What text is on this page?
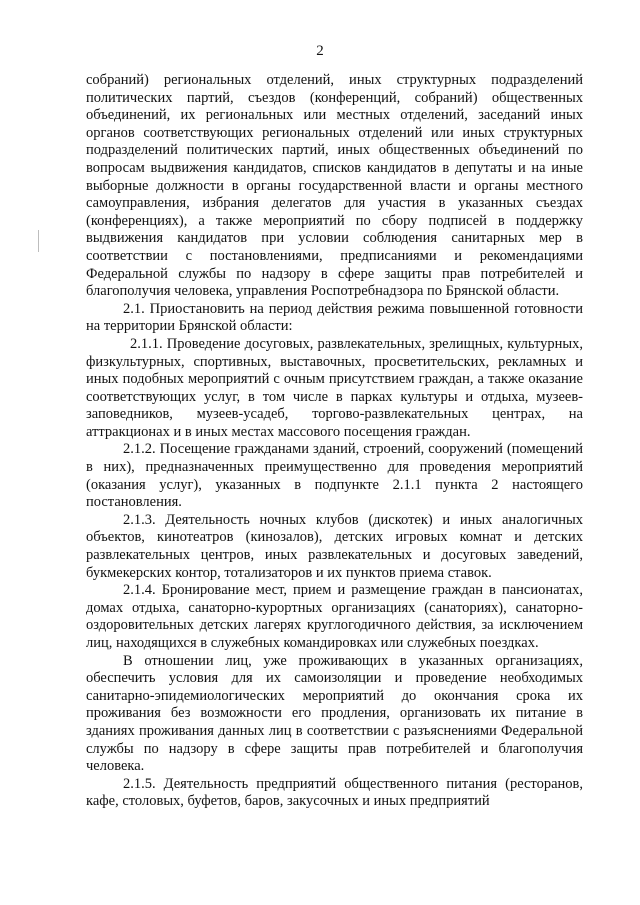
2

собраний) региональных отделений, иных структурных подразделений политических партий, съездов (конференций, собраний) общественных объединений, их региональных или местных отделений, заседаний иных органов соответствующих региональных отделений или иных структурных подразделений политических партий, иных общественных объединений по вопросам выдвижения кандидатов, списков кандидатов в депутаты и на иные выборные должности в органы государственной власти и органы местного самоуправления, избрания делегатов для участия в указанных съездах (конференциях), а также мероприятий по сбору подписей в поддержку выдвижения кандидатов при условии соблюдения санитарных мер в соответствии с постановлениями, предписаниями и рекомендациями Федеральной службы по надзору в сфере защиты прав потребителей и благополучия человека, управления Роспотребнадзора по Брянской области.

2.1. Приостановить на период действия режима повышенной готовности на территории Брянской области:

2.1.1. Проведение досуговых, развлекательных, зрелищных, культурных, физкультурных, спортивных, выставочных, просветительских, рекламных и иных подобных мероприятий с очным присутствием граждан, а также оказание соответствующих услуг, в том числе в парках культуры и отдыха, музеев-заповедников, музеев-усадеб, торгово-развлекательных центрах, на аттракционах и в иных местах массового посещения граждан.

2.1.2. Посещение гражданами зданий, строений, сооружений (помещений в них), предназначенных преимущественно для проведения мероприятий (оказания услуг), указанных в подпункте 2.1.1 пункта 2 настоящего постановления.

2.1.3. Деятельность ночных клубов (дискотек) и иных аналогичных объектов, кинотеатров (кинозалов), детских игровых комнат и детских развлекательных центров, иных развлекательных и досуговых заведений, букмекерских контор, тотализаторов и их пунктов приема ставок.

2.1.4. Бронирование мест, прием и размещение граждан в пансионатах, домах отдыха, санаторно-курортных организациях (санаториях), санаторно-оздоровительных детских лагерях круглогодичного действия, за исключением лиц, находящихся в служебных командировках или служебных поездках.

В отношении лиц, уже проживающих в указанных организациях, обеспечить условия для их самоизоляции и проведение необходимых санитарно-эпидемиологических мероприятий до окончания срока их проживания без возможности его продления, организовать их питание в зданиях проживания данных лиц в соответствии с разъяснениями Федеральной службы по надзору в сфере защиты прав потребителей и благополучия человека.

2.1.5. Деятельность предприятий общественного питания (ресторанов, кафе, столовых, буфетов, баров, закусочных и иных предприятий
